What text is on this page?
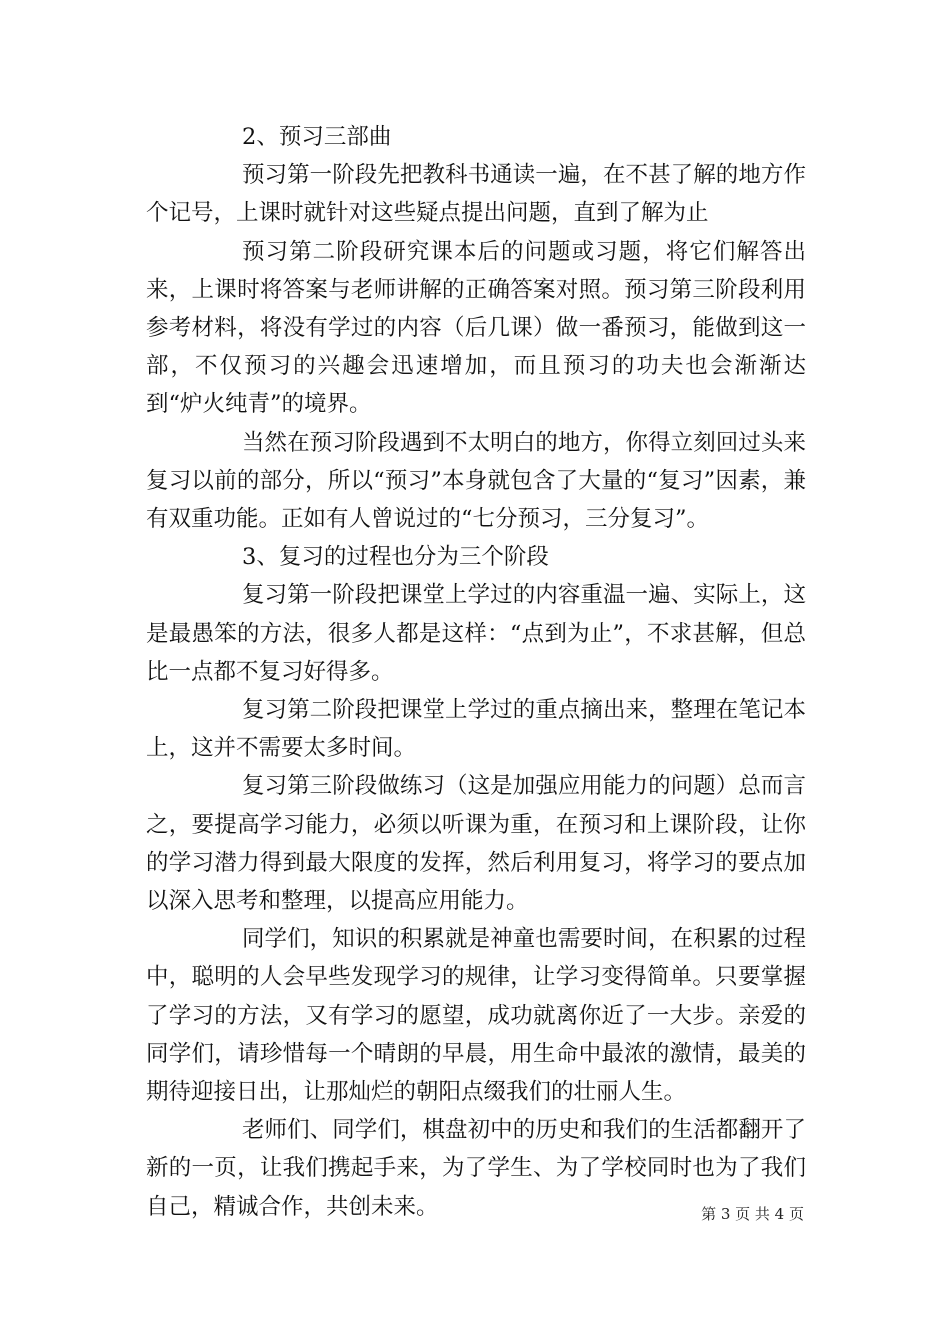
2、预习三部曲

预习第一阶段先把教科书通读一遍，在不甚了解的地方作个记号，上课时就针对这些疑点提出问题，直到了解为止

预习第二阶段研究课本后的问题或习题，将它们解答出来，上课时将答案与老师讲解的正确答案对照。预习第三阶段利用参考材料，将没有学过的内容（后几课）做一番预习，能做到这一部，不仅预习的兴趣会迅速增加，而且预习的功夫也会渐渐达到“炉火纯青”的境界。

当然在预习阶段遇到不太明白的地方，你得立刻回过头来复习以前的部分，所以“预习”本身就包含了大量的“复习”因素，兼有双重功能。正如有人曾说过的“七分预习，三分复习”。

3、复习的过程也分为三个阶段

复习第一阶段把课堂上学过的内容重温一遍、实际上，这是最愚笨的方法，很多人都是这样：“点到为止”，不求甚解，但总比一点都不复习好得多。

复习第二阶段把课堂上学过的重点摘出来，整理在笔记本上，这并不需要太多时间。

复习第三阶段做练习（这是加强应用能力的问题）总而言之，要提高学习能力，必须以听课为重，在预习和上课阶段，让你的学习潜力得到最大限度的发挥，然后利用复习，将学习的要点加以深入思考和整理，以提高应用能力。

同学们，知识的积累就是神童也需要时间，在积累的过程中，聪明的人会早些发现学习的规律，让学习变得简单。只要掌握了学习的方法，又有学习的愿望，成功就离你近了一大步。亲爱的同学们，请珍惜每一个晴朗的早晨，用生命中最浓的激情，最美的期待迎接日出，让那灿烂的朝阳点缀我们的壮丽人生。

老师们、同学们，棋盘初中的历史和我们的生活都翻开了新的一页，让我们携起手来，为了学生、为了学校同时也为了我们自己，精诚合作，共创未来。	第 3 页 共 4 页
